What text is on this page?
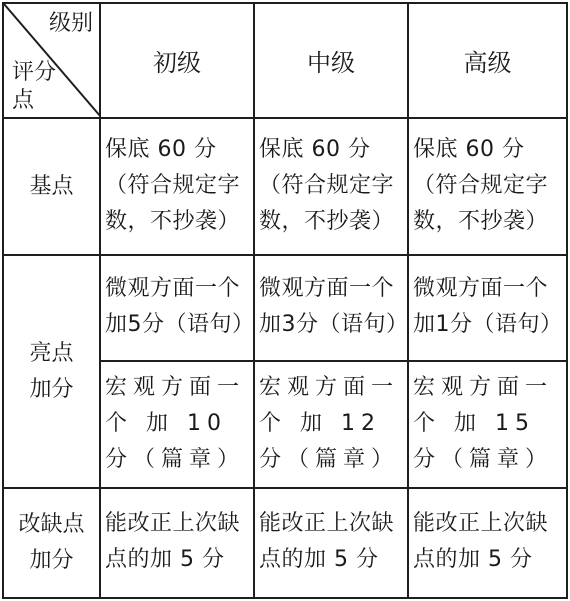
级别
评分点	初级	中级	高级
基点	保底 60 分（符合规定字数，不抄袭）	保底 60 分（符合规定字数，不抄袭）	保底 60 分（符合规定字数，不抄袭）

亮点加分	微观方面一个加5分（语句）	微观方面一个加3分（语句）	微观方面一个加1分（语句）
	宏观方面一个 加 10 分（篇章）	宏观方面一个 加 12 分（篇章）	宏观方面一个 加 15 分（篇章）

改缺点加分	能改正上次缺点的加 5 分	能改正上次缺点的加 5 分	能改正上次缺点的加 5 分
